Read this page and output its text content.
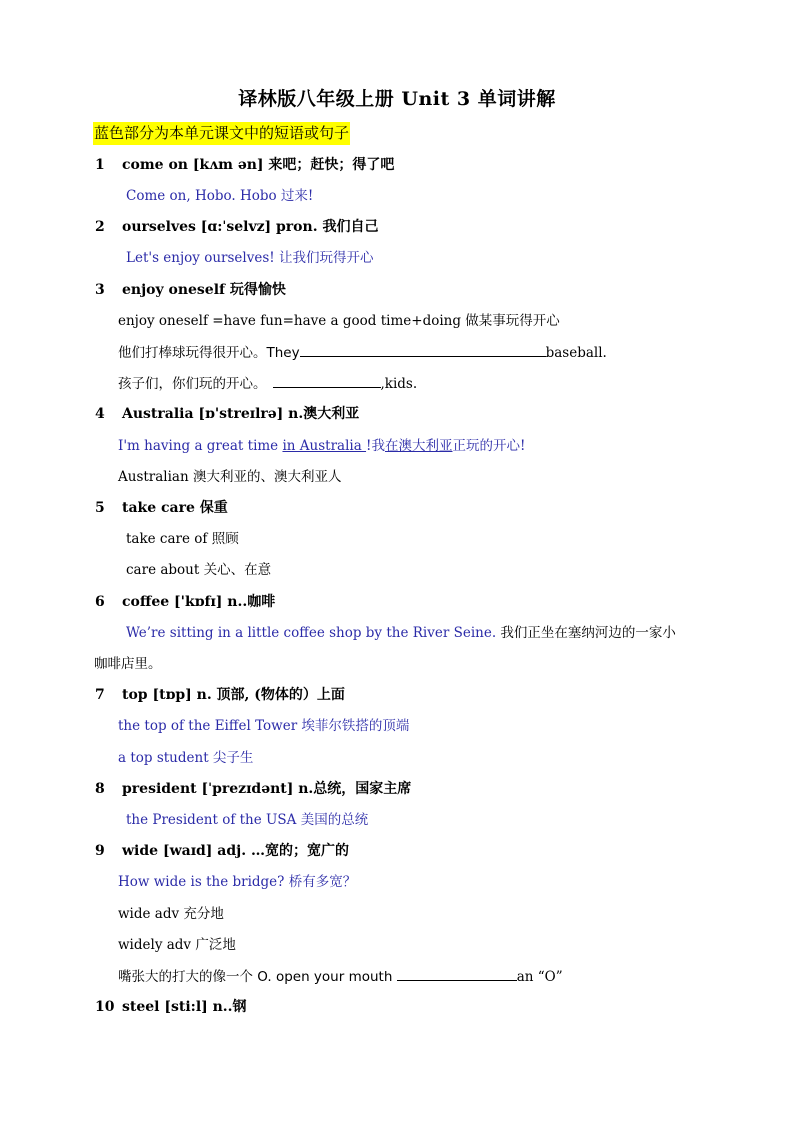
译林版八年级上册 Unit 3 单词讲解
蓝色部分为本单元课文中的短语或句子
1 come on [kʌm ən] 来吧；赶快；得了吧
Come on, Hobo. Hobo 过来!
2 ourselves [ɑ:ˈselvz] pron. 我们自己
Let's enjoy ourselves! 让我们玩得开心
3 enjoy oneself 玩得愉快
enjoy oneself =have fun=have a good time+doing 做某事玩得开心
他们打棒球玩得很开心。They	baseball.
孩子们，你们玩的开心。	,kids.
4 Australia [ɒ'streɪlrə] n.澳大利亚
I'm having a great time in Australia !我在澳大利亚正玩的开心!
Australian 澳大利亚的、澳大利亚人
5 take care 保重
take care of 照顾
care about 关心、在意
6 coffee ['kɒfɪ] n..咖啡
We’re sitting in a little coffee shop by the River Seine. 我们正坐在塞纳河边的一家小
咖啡店里。
7 top [tɒp] n. 顶部, (物体的）上面
the top of the Eiffel Tower 埃菲尔铁搭的顶端
a top student 尖子生
8 president [ˈprezɪdənt] n.总统，国家主席
the President of the USA 美国的总统
9 wide [waɪd] adj. …宽的；宽广的
How wide is the bridge? 桥有多宽？
wide adv 充分地
widely adv 广泛地
嘴张大的打大的像一个 O. open your mouth	an “O”
10 steel [sti:l] n..钢
